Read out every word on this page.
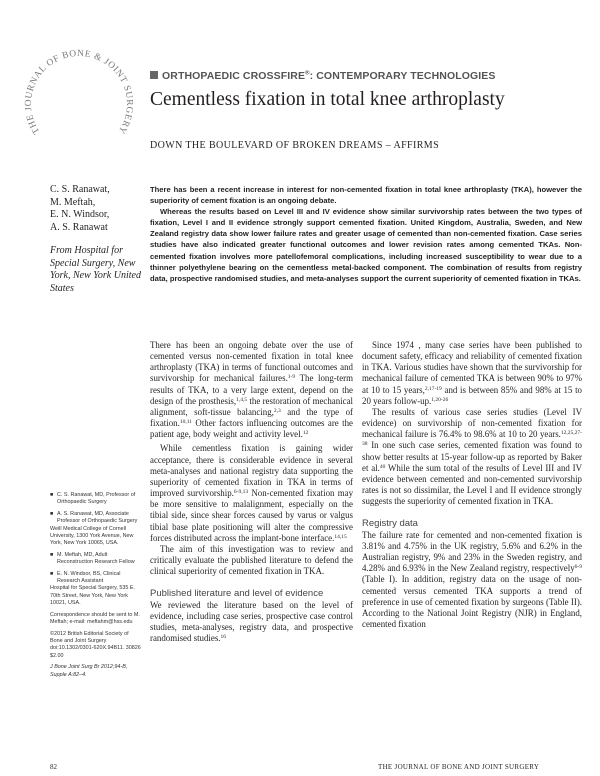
THE JOURNAL OF BONE & JOINT SURGERY
ORTHOPAEDIC CROSSFIRE®: CONTEMPORARY TECHNOLOGIES
Cementless fixation in total knee arthroplasty
DOWN THE BOULEVARD OF BROKEN DREAMS – AFFIRMS
C. S. Ranawat,
M. Meftah,
E. N. Windsor,
A. S. Ranawat
From Hospital for Special Surgery, New York, New York United States

There has been a recent increase in interest for non-cemented fixation in total knee arthroplasty (TKA), however the superiority of cement fixation is an ongoing debate.

Whereas the results based on Level III and IV evidence show similar survivorship rates between the two types of fixation, Level I and II evidence strongly support cemented fixation. United Kingdom, Australia, Sweden, and New Zealand registry data show lower failure rates and greater usage of cemented than non-cemented fixation. Case series studies have also indicated greater functional outcomes and lower revision rates among cemented TKAs. Non-cemented fixation involves more patellofemoral complications, including increased susceptibility to wear due to a thinner polyethylene bearing on the cementless metal-backed component. The combination of results from registry data, prospective randomised studies, and meta-analyses support the current superiority of cemented fixation in TKAs.

There has been an ongoing debate over the use of cemented versus non-cemented fixation in total knee arthroplasty (TKA) in terms of functional outcomes and survivorship for mechanical failures.$^{1-9}$ The long-term results of TKA, to a very large extent, depend on the design of the prosthesis,$^{1,4,5}$ the restoration of mechanical alignment, soft-tissue balancing,$^{2,3}$ and the type of fixation.$^{10,11}$ Other factors influencing outcomes are the patient age, body weight and activity level.$^{12}$

While cementless fixation is gaining wider acceptance, there is considerable evidence in several meta-analyses and national registry data supporting the superiority of cemented fixation in TKA in terms of improved survivorship.$^{6-9,13}$ Non-cemented fixation may be more sensitive to malalignment, especially on the tibial side, since shear forces caused by varus or valgus tibial base plate positioning will alter the compressive forces distributed across the implant-bone interface.$^{14,15}$

The aim of this investigation was to review and critically evaluate the published literature to defend the clinical superiority of cemented fixation in TKA.

Published literature and level of evidence

We reviewed the literature based on the level of evidence, including case series, prospective case control studies, meta-analyses, registry data, and prospective randomised studies.$^{16}$

Since 1974 , many case series have been published to document safety, efficacy and reliability of cemented fixation in TKA. Various studies have shown that the survivorship for mechanical failure of cemented TKA is between 90% to 97% at 10 to 15 years,$^{2,17-19}$ and is between 85% and 98% at 15 to 20 years follow-up.$^{1,20-26}$

The results of various case series studies (Level IV evidence) on survivorship of non-cemented fixation for mechanical failure is 76.4% to 98.6% at 10 to 20 years.$^{12,25,27-38}$ In one such case series, cemented fixation was found to show better results at 15-year follow-up as reported by Baker et al.$^{40}$ While the sum total of the results of Level III and IV evidence between cemented and non-cemented survivorship rates is not so dissimilar, the Level I and II evidence strongly suggests the superiority of cemented fixation in TKA.

Registry data

The failure rate for cemented and non-cemented fixation is 3.81% and 4.75% in the UK registry, 5.6% and 6.2% in the Australian registry, 9% and 23% in the Sweden registry, and 4.28% and 6.93% in the New Zealand registry, respectively$^{6-9}$ (Table I). In addition, registry data on the usage of non-cemented versus cemented TKA supports a trend of preference in use of cemented fixation by surgeons (Table II). According to the National Joint Registry (NJR) in England, cemented fixation

■ C. S. Ranawat, MD, Professor of Orthopaedic Surgery
■ A. S. Ranawat, MD, Associate Professor of Orthopaedic Surgery
Weill Medical College of Cornell University, 1300 York Avenue, New York, New York 10065, USA.
■ M. Meftah, MD, Adult Reconstruction Research Fellow
■ E. N. Windsor, BS, Clinical Research Assistant
Hospital for Special Surgery, 535 E. 70th Street, New York, New York 10021, USA.
Correspondence should be sent to M. Meftah; e-mail: meftahm@hss.edu
©2012 British Editorial Society of Bone and Joint Surgery doi:10.1302/0301-620X.94B11. 30826 $2.00
J Bone Joint Surg Br 2012;94-B, Supple A:82–4.
82	THE JOURNAL OF BONE AND JOINT SURGERY
